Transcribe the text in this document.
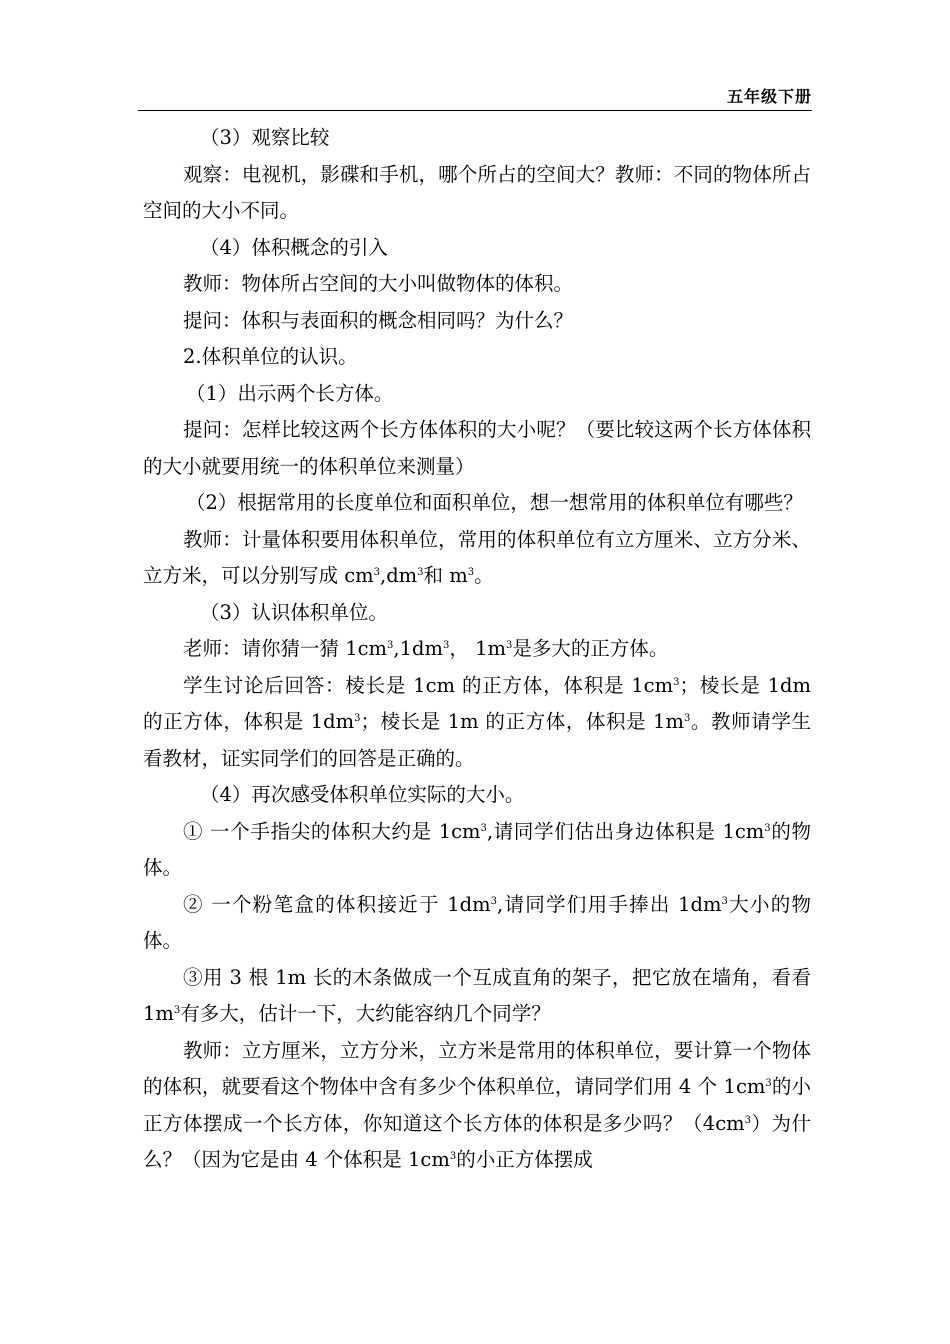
五年级下册

（3）观察比较

观察：电视机，影碟和手机，哪个所占的空间大？教师：不同的物体所占空间的大小不同。

（4）体积概念的引入

教师：物体所占空间的大小叫做物体的体积。

提问：体积与表面积的概念相同吗？为什么？

2.体积单位的认识。

（1）出示两个长方体。

提问：怎样比较这两个长方体体积的大小呢？（要比较这两个长方体体积的大小就要用统一的体积单位来测量）

（2）根据常用的长度单位和面积单位，想一想常用的体积单位有哪些？

教师：计量体积要用体积单位，常用的体积单位有立方厘米、立方分米、立方米，可以分别写成 $cm^3,dm^3$和 $m^3$。

（3）认识体积单位。

老师：请你猜一猜 $1cm^3,1dm^3$， $1m^3$是多大的正方体。

学生讨论后回答：棱长是 1cm 的正方体，体积是 $1cm^3$；棱长是 1dm 的正方体，体积是 $1dm^3$；棱长是 1m 的正方体，体积是 $1m^3$。教师请学生看教材，证实同学们的回答是正确的。

（4）再次感受体积单位实际的大小。

① 一个手指尖的体积大约是 $1cm^3$,请同学们估出身边体积是 $1cm^3$的物体。

② 一个粉笔盒的体积接近于 $1dm^3$,请同学们用手捧出 $1dm^3$大小的物体。

③用 3 根 1m 长的木条做成一个互成直角的架子，把它放在墙角，看看 $1m^3$有多大，估计一下，大约能容纳几个同学？

教师：立方厘米，立方分米，立方米是常用的体积单位，要计算一个物体的体积，就要看这个物体中含有多少个体积单位，请同学们用 4 个 $1cm^3$的小正方体摆成一个长方体，你知道这个长方体的体积是多少吗？$(4cm^3)$为什么？（因为它是由 4 个体积是 $1cm^3$的小正方体摆成
